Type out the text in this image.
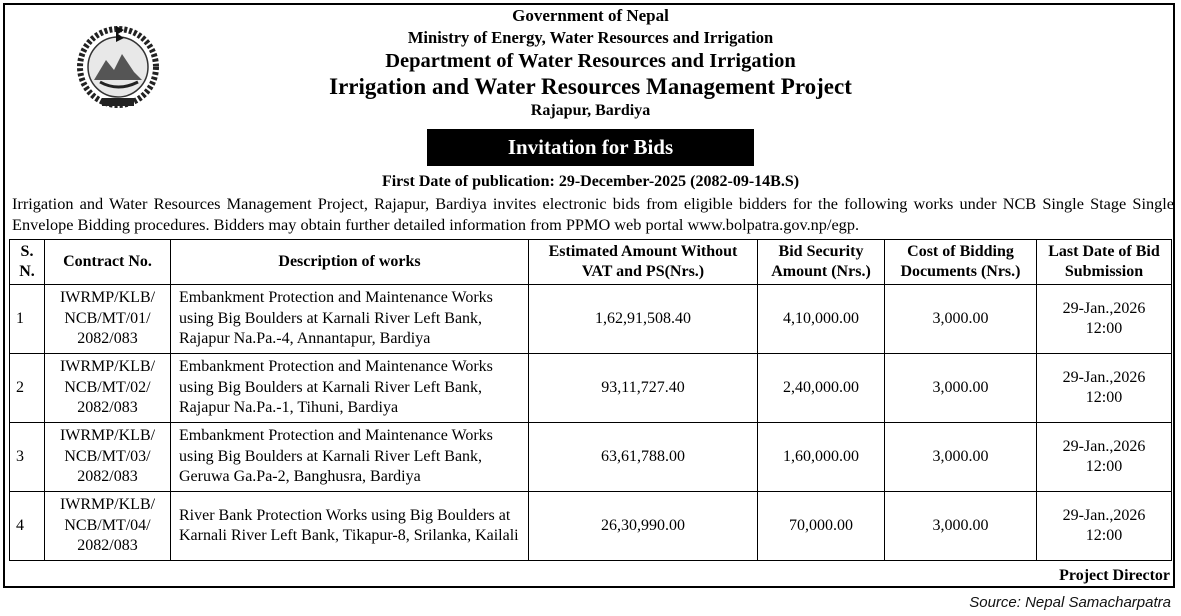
Government of Nepal
Ministry of Energy, Water Resources and Irrigation
Department of Water Resources and Irrigation
Irrigation and Water Resources Management Project
Rajapur, Bardiya
Invitation for Bids
First Date of publication: 29-December-2025 (2082-09-14B.S)
Irrigation and Water Resources Management Project, Rajapur, Bardiya invites electronic bids from eligible bidders for the following works under NCB Single Stage Single Envelope Bidding procedures. Bidders may obtain further detailed information from PPMO web portal www.bolpatra.gov.np/egp.
S. N.	Contract No.	Description of works	Estimated Amount Without VAT and PS(Nrs.)	Bid Security Amount (Nrs.)	Cost of Bidding Documents (Nrs.)	Last Date of Bid Submission
1	IWRMP/KLB/ NCB/MT/01/ 2082/083	Embankment Protection and Maintenance Works using Big Boulders at Karnali River Left Bank, Rajapur Na.Pa.-4, Annantapur, Bardiya	1,62,91,508.40	4,10,000.00	3,000.00	29-Jan.,2026
12:00
2	IWRMP/KLB/ NCB/MT/02/ 2082/083	Embankment Protection and Maintenance Works using Big Boulders at Karnali River Left Bank, Rajapur Na.Pa.-1, Tihuni, Bardiya	93,11,727.40	2,40,000.00	3,000.00	29-Jan.,2026
12:00
3	IWRMP/KLB/ NCB/MT/03/ 2082/083	Embankment Protection and Maintenance Works using Big Boulders at Karnali River Left Bank, Geruwa Ga.Pa-2, Banghusra, Bardiya	63,61,788.00	1,60,000.00	3,000.00	29-Jan.,2026
12:00
4	IWRMP/KLB/ NCB/MT/04/ 2082/083	River Bank Protection Works using Big Boulders at Karnali River Left Bank, Tikapur-8, Srilanka, Kailali	26,30,990.00	70,000.00	3,000.00	29-Jan.,2026
12:00
Project Director
Source: Nepal Samacharpatra
